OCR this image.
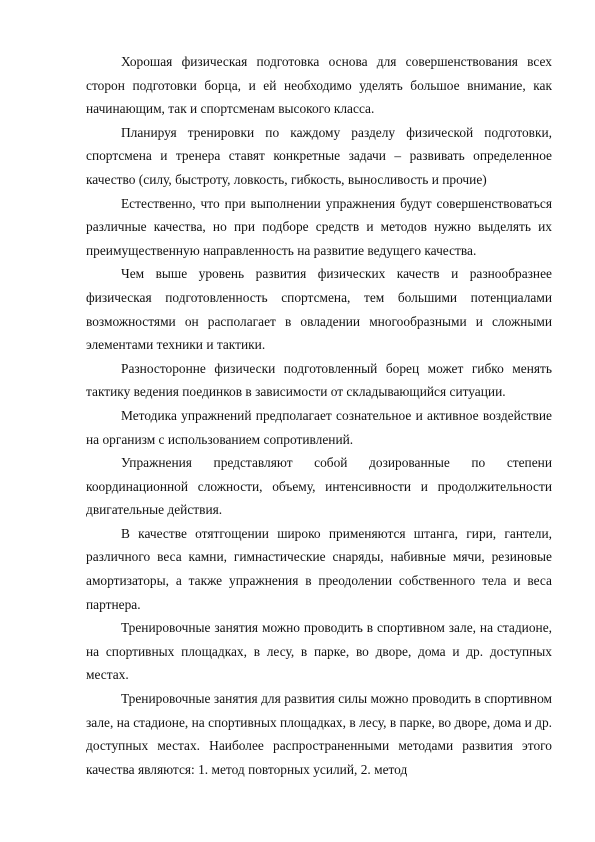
Хорошая физическая подготовка основа для совершенствования всех сторон подготовки борца, и ей необходимо уделять большое внимание, как начинающим, так и спортсменам высокого класса.

Планируя тренировки по каждому разделу физической подготовки, спортсмена и тренера ставят конкретные задачи – развивать определенное качество (силу, быстроту, ловкость, гибкость, выносливость и прочие)

Естественно, что при выполнении упражнения будут совершенствоваться различные качества, но при подборе средств и методов нужно выделять их преимущественную направленность на развитие ведущего качества.

Чем выше уровень развития физических качеств и разнообразнее физическая подготовленность спортсмена, тем большими потенциалами возможностями он располагает в овладении многообразными и сложными элементами техники и тактики.

Разносторонне физически подготовленный борец может гибко менять тактику ведения поединков в зависимости от складывающийся ситуации.

Методика упражнений предполагает сознательное и активное воздействие на организм с использованием сопротивлений.

Упражнения представляют собой дозированные по степени координационной сложности, объему, интенсивности и продолжительности двигательные действия.

В качестве отятгощении широко применяются штанга, гири, гантели, различного веса камни, гимнастические снаряды, набивные мячи, резиновые амортизаторы, а также упражнения в преодолении собственного тела и веса партнера.

Тренировочные занятия можно проводить в спортивном зале, на стадионе, на спортивных площадках, в лесу, в парке, во дворе, дома и др. доступных местах.

Тренировочные занятия для развития силы можно проводить в спортивном зале, на стадионе, на спортивных площадках, в лесу, в парке, во дворе, дома и др. доступных местах. Наиболее распространенными методами развития этого качества являются: 1. метод повторных усилий, 2. метод
